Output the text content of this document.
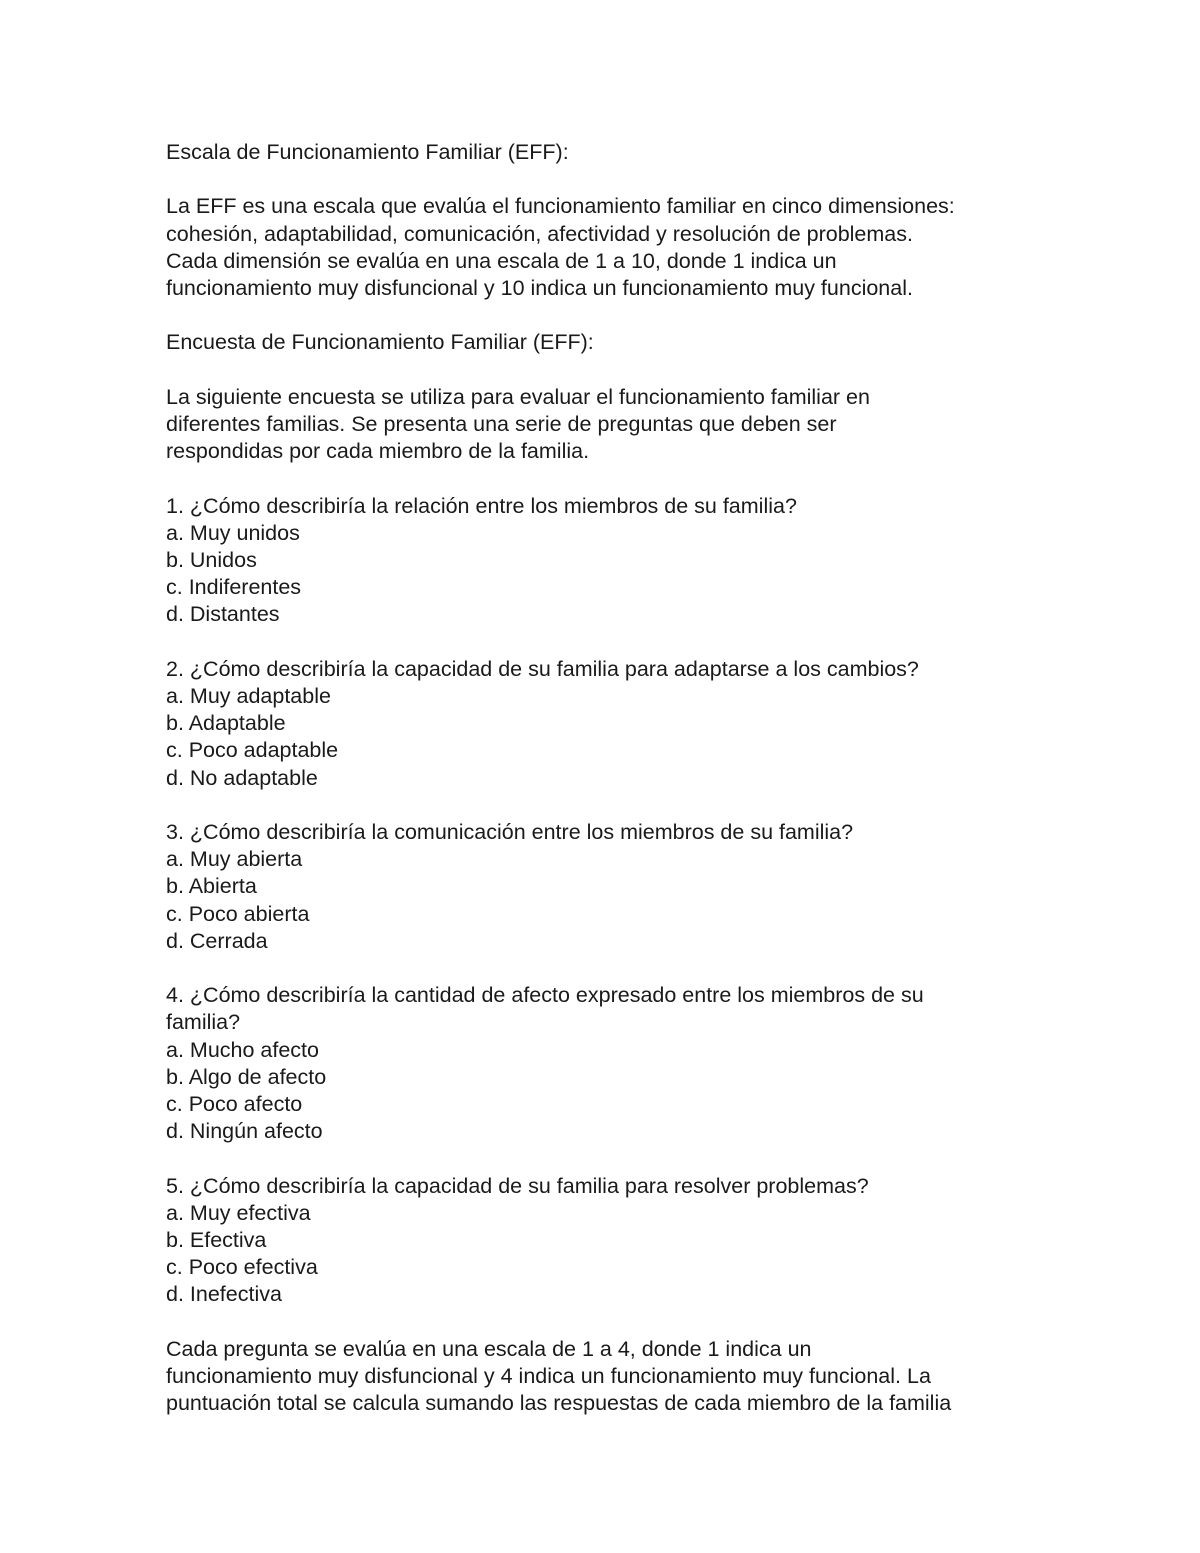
Escala de Funcionamiento Familiar (EFF):

La EFF es una escala que evalúa el funcionamiento familiar en cinco dimensiones:

cohesión, adaptabilidad, comunicación, afectividad y resolución de problemas.

Cada dimensión se evalúa en una escala de 1 a 10, donde 1 indica un

funcionamiento muy disfuncional y 10 indica un funcionamiento muy funcional.

Encuesta de Funcionamiento Familiar (EFF):

La siguiente encuesta se utiliza para evaluar el funcionamiento familiar en

diferentes familias. Se presenta una serie de preguntas que deben ser

respondidas por cada miembro de la familia.

1. ¿Cómo describiría la relación entre los miembros de su familia?

a. Muy unidos

b. Unidos

c. Indiferentes

d. Distantes

2. ¿Cómo describiría la capacidad de su familia para adaptarse a los cambios?

a. Muy adaptable

b. Adaptable

c. Poco adaptable

d. No adaptable

3. ¿Cómo describiría la comunicación entre los miembros de su familia?

a. Muy abierta

b. Abierta

c. Poco abierta

d. Cerrada

4. ¿Cómo describiría la cantidad de afecto expresado entre los miembros de su

familia?

a. Mucho afecto

b. Algo de afecto

c. Poco afecto

d. Ningún afecto

5. ¿Cómo describiría la capacidad de su familia para resolver problemas?

a. Muy efectiva

b. Efectiva

c. Poco efectiva

d. Inefectiva

Cada pregunta se evalúa en una escala de 1 a 4, donde 1 indica un

funcionamiento muy disfuncional y 4 indica un funcionamiento muy funcional. La

puntuación total se calcula sumando las respuestas de cada miembro de la familia
